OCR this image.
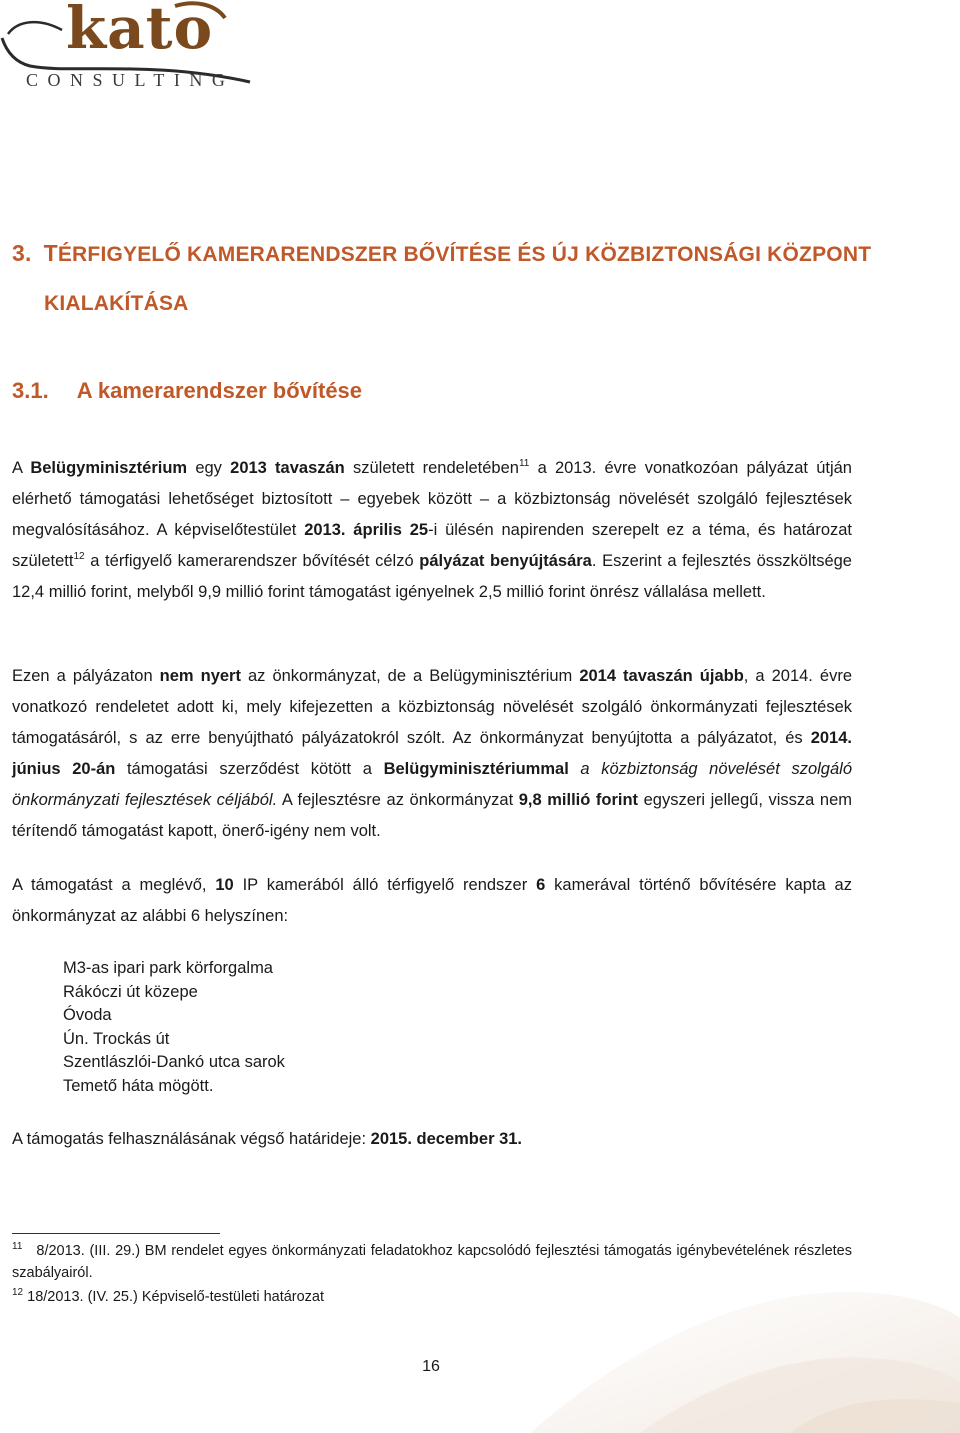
kato
CONSULTING
3. TÉRFIGYELŐ KAMERARENDSZER BŐVÍTÉSE ÉS ÚJ KÖZBIZTONSÁGI KÖZPONT
KIALAKÍTÁSA
3.1. A kamerarendszer bővítése
A Belügyminisztérium egy 2013 tavaszán született rendeletében$^{11}$ a 2013. évre vonatkozóan pályázat útján elérhető támogatási lehetőséget biztosított – egyebek között – a közbiztonság növelését szolgáló fejlesztések megvalósításához. A képviselőtestület 2013. április 25-i ülésén napirenden szerepelt ez a téma, és határozat született$^{12}$ a térfigyelő kamerarendszer bővítését célzó pályázat benyújtására. Eszerint a fejlesztés összköltsége 12,4 millió forint, melyből 9,9 millió forint támogatást igényelnek 2,5 millió forint önrész vállalása mellett.
Ezen a pályázaton nem nyert az önkormányzat, de a Belügyminisztérium 2014 tavaszán újabb, a 2014. évre vonatkozó rendeletet adott ki, mely kifejezetten a közbiztonság növelését szolgáló önkormányzati fejlesztések támogatásáról, s az erre benyújtható pályázatokról szólt. Az önkormányzat benyújtotta a pályázatot, és 2014. június 20-án támogatási szerződést kötött a Belügyminisztériummal a közbiztonság növelését szolgáló önkormányzati fejlesztések céljából. A fejlesztésre az önkormányzat 9,8 millió forint egyszeri jellegű, vissza nem térítendő támogatást kapott, önerő-igény nem volt.
A támogatást a meglévő, 10 IP kamerából álló térfigyelő rendszer 6 kamerával történő bővítésére kapta az önkormányzat az alábbi 6 helyszínen:
M3-as ipari park körforgalma
Rákóczi út közepe
Óvoda
Ún. Trockás út
Szentlászlói-Dankó utca sarok
Temető háta mögött.
A támogatás felhasználásának végső határideje: 2015. december 31.
$^{11}$ 8/2013. (III. 29.) BM rendelet egyes önkormányzati feladatokhoz kapcsolódó fejlesztési támogatás igénybevételének részletes szabályairól.
$^{12}$ 18/2013. (IV. 25.) Képviselő-testületi határozat
16
